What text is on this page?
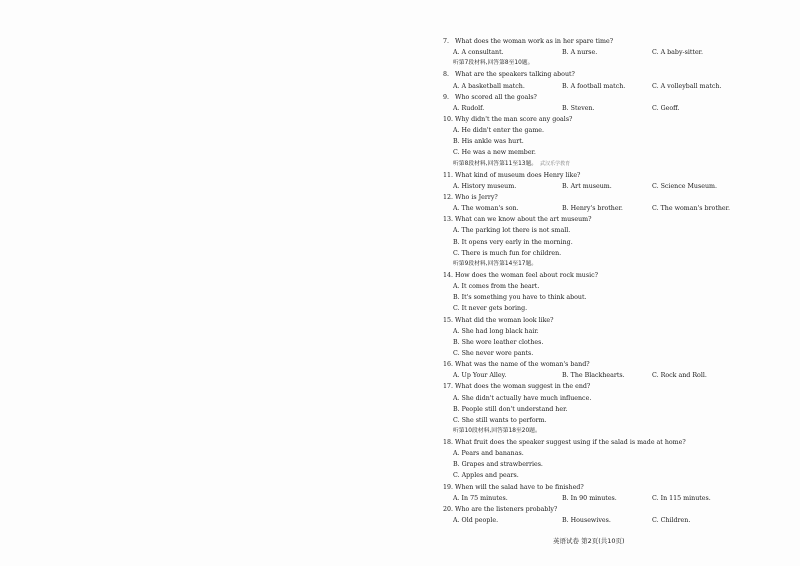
7. What does the woman work as in her spare time?
A. A consultant.	B. A nurse.	C. A baby-sitter.
听第7段材料,回答第8至10题。
8. What are the speakers talking about?
A. A basketball match.	B. A football match.	C. A volleyball match.
9. Who scored all the goals?
A. Rudolf.	B. Steven.	C. Geoff.
10. Why didn't the man score any goals?
A. He didn't enter the game.
B. His ankle was hurt.
C. He was a new member.
听第8段材料,回答第11至13题。 武汉乐学教育
11. What kind of museum does Henry like?
A. History museum.	B. Art museum.	C. Science Museum.
12. Who is Jerry?
A. The woman's son.	B. Henry's brother.	C. The woman's brother.
13. What can we know about the art museum?
A. The parking lot there is not small.
B. It opens very early in the morning.
C. There is much fun for children.
听第9段材料,回答第14至17题。
14. How does the woman feel about rock music?
A. It comes from the heart.
B. It's something you have to think about.
C. It never gets boring.
15. What did the woman look like?
A. She had long black hair.
B. She wore leather clothes.
C. She never wore pants.
16. What was the name of the woman's band?
A. Up Your Alley.	B. The Blackhearts.	C. Rock and Roll.
17. What does the woman suggest in the end?
A. She didn't actually have much influence.
B. People still don't understand her.
C. She still wants to perform.
听第10段材料,回答第18至20题。
18. What fruit does the speaker suggest using if the salad is made at home?
A. Pears and bananas.
B. Grapes and strawberries.
C. Apples and pears.
19. When will the salad have to be finished?
A. In 75 minutes.	B. In 90 minutes.	C. In 115 minutes.
20. Who are the listeners probably?
A. Old people.	B. Housewives.	C. Children.
英语试卷 第2页(共10页)
